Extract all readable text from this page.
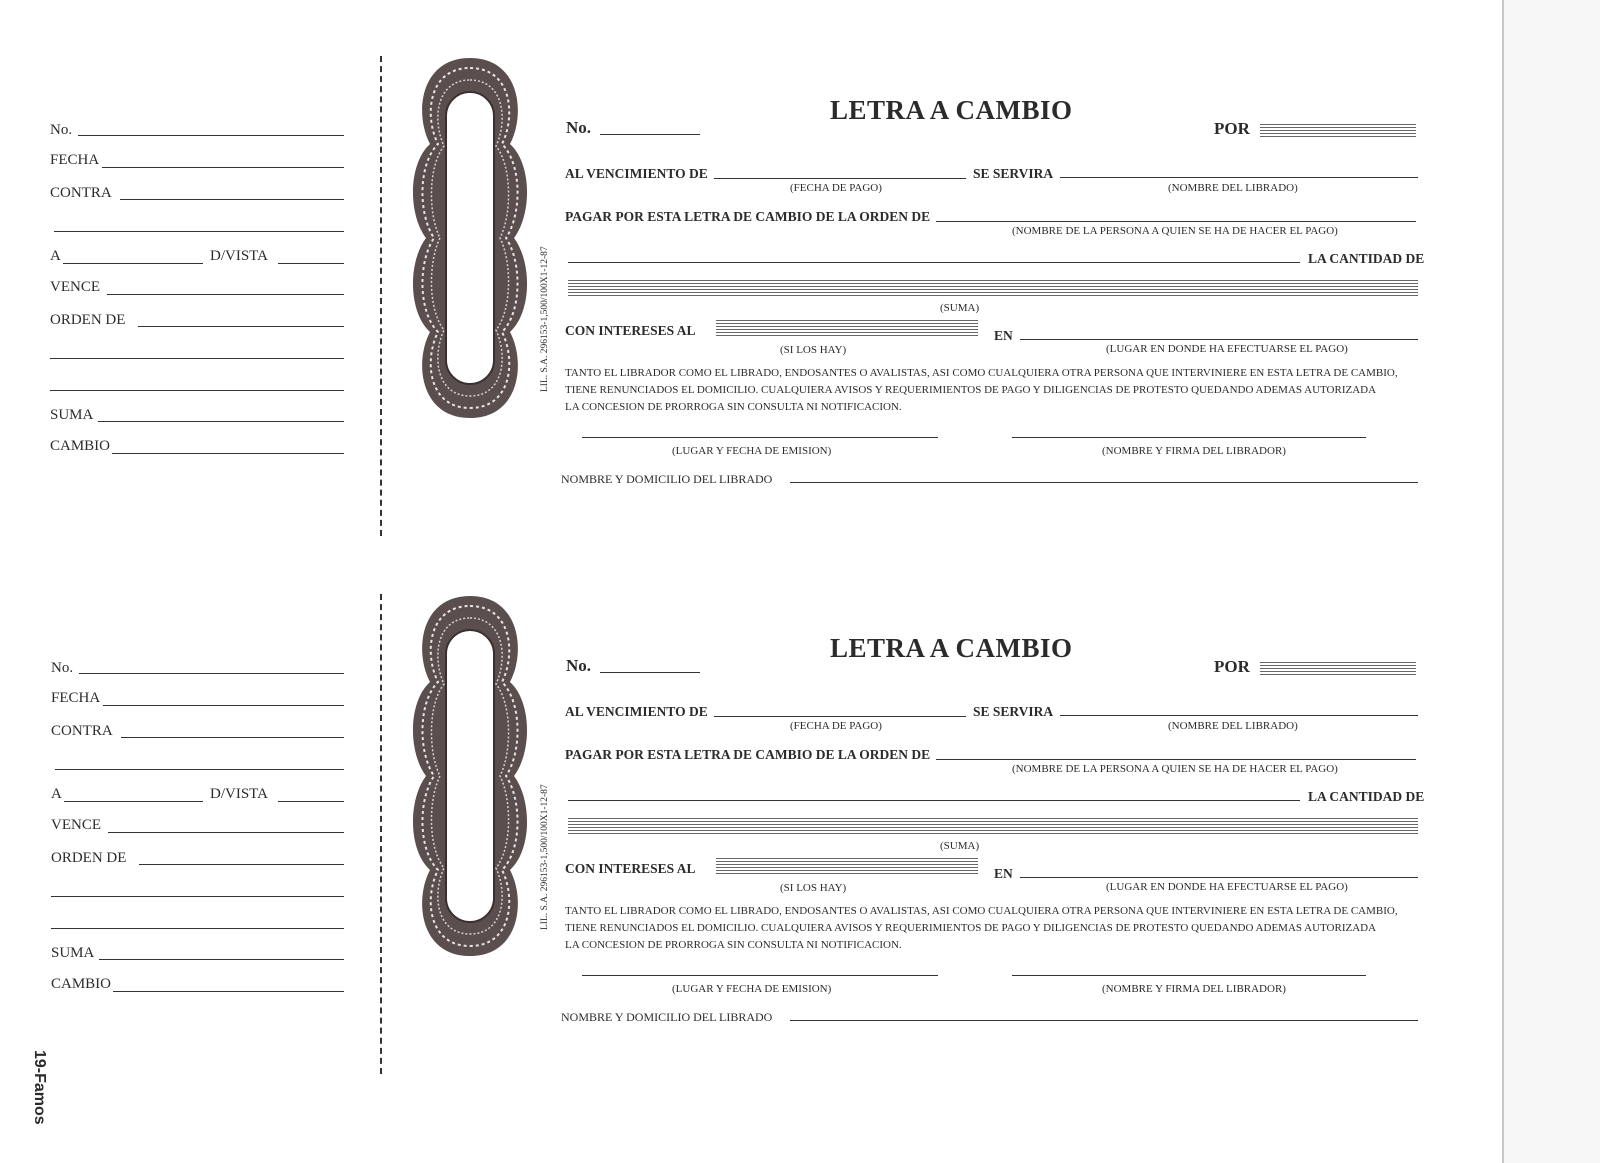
No.
FECHA
CONTRA
A	D/VISTA
VENCE
ORDEN DE
SUMA
CAMBIO
LIL. S.A. 296153-1,500/100X1-12-87
LETRA A CAMBIO
No.	POR
AL VENCIMIENTO DE
(FECHA DE PAGO)
SE SERVIRA
(NOMBRE DEL LIBRADO)
PAGAR POR ESTA LETRA DE CAMBIO DE LA ORDEN DE
(NOMBRE DE LA PERSONA A QUIEN SE HA DE HACER EL PAGO)
LA CANTIDAD DE
(SUMA)
CON INTERESES AL
(SI LOS HAY)
EN
(LUGAR EN DONDE HA EFECTUARSE EL PAGO)
TANTO EL LIBRADOR COMO EL LIBRADO, ENDOSANTES O AVALISTAS, ASI COMO CUALQUIERA OTRA PERSONA QUE INTERVINIERE EN ESTA LETRA DE CAMBIO,
TIENE RENUNCIADOS EL DOMICILIO. CUALQUIERA AVISOS Y REQUERIMIENTOS DE PAGO Y DILIGENCIAS DE PROTESTO QUEDANDO ADEMAS AUTORIZADA
LA CONCESION DE PRORROGA SIN CONSULTA NI NOTIFICACION.
(LUGAR Y FECHA DE EMISION)	(NOMBRE Y FIRMA DEL LIBRADOR)
NOMBRE Y DOMICILIO DEL LIBRADO
No.
FECHA
CONTRA
A	D/VISTA
VENCE
ORDEN DE
SUMA
CAMBIO
LIL. S.A. 296153-1,500/100X1-12-87
LETRA A CAMBIO
No.	POR
AL VENCIMIENTO DE
(FECHA DE PAGO)
SE SERVIRA
(NOMBRE DEL LIBRADO)
PAGAR POR ESTA LETRA DE CAMBIO DE LA ORDEN DE
(NOMBRE DE LA PERSONA A QUIEN SE HA DE HACER EL PAGO)
LA CANTIDAD DE
(SUMA)
CON INTERESES AL
(SI LOS HAY)
EN
(LUGAR EN DONDE HA EFECTUARSE EL PAGO)
TANTO EL LIBRADOR COMO EL LIBRADO, ENDOSANTES O AVALISTAS, ASI COMO CUALQUIERA OTRA PERSONA QUE INTERVINIERE EN ESTA LETRA DE CAMBIO,
TIENE RENUNCIADOS EL DOMICILIO. CUALQUIERA AVISOS Y REQUERIMIENTOS DE PAGO Y DILIGENCIAS DE PROTESTO QUEDANDO ADEMAS AUTORIZADA
LA CONCESION DE PRORROGA SIN CONSULTA NI NOTIFICACION.
(LUGAR Y FECHA DE EMISION)	(NOMBRE Y FIRMA DEL LIBRADOR)
NOMBRE Y DOMICILIO DEL LIBRADO
19-Famos
